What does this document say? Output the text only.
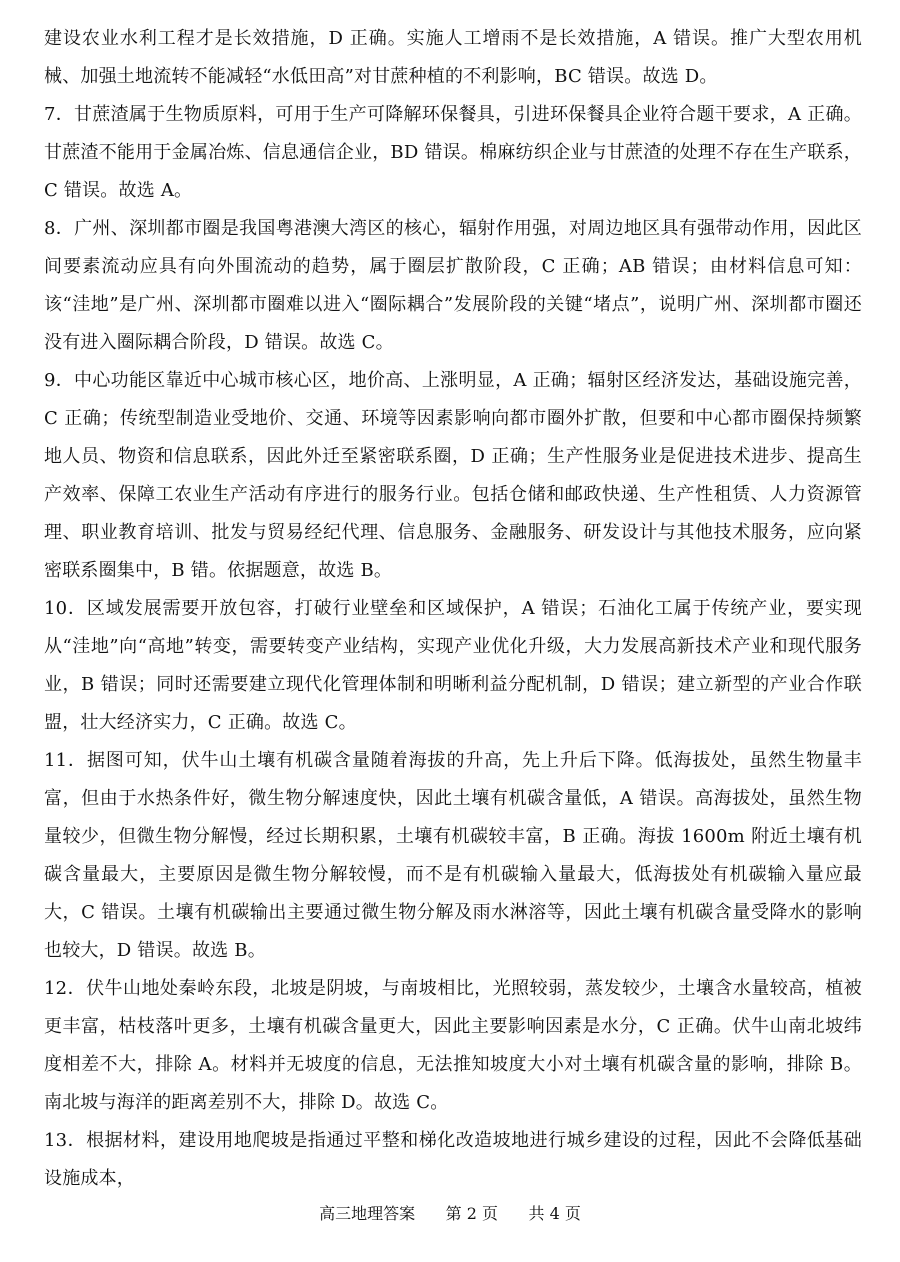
建设农业水利工程才是长效措施，D 正确。实施人工增雨不是长效措施，A 错误。推广大型农用机械、加强土地流转不能减轻“水低田高”对甘蔗种植的不利影响，BC 错误。故选 D。

7．甘蔗渣属于生物质原料，可用于生产可降解环保餐具，引进环保餐具企业符合题干要求，A 正确。甘蔗渣不能用于金属冶炼、信息通信企业，BD 错误。棉麻纺织企业与甘蔗渣的处理不存在生产联系，C 错误。故选 A。

8．广州、深圳都市圈是我国粤港澳大湾区的核心，辐射作用强，对周边地区具有强带动作用，因此区间要素流动应具有向外围流动的趋势，属于圈层扩散阶段，C 正确；AB 错误；由材料信息可知：该“洼地”是广州、深圳都市圈难以进入“圈际耦合”发展阶段的关键“堵点”，说明广州、深圳都市圈还没有进入圈际耦合阶段，D 错误。故选 C。

9．中心功能区靠近中心城市核心区，地价高、上涨明显，A 正确；辐射区经济发达，基础设施完善，C 正确；传统型制造业受地价、交通、环境等因素影响向都市圈外扩散，但要和中心都市圈保持频繁地人员、物资和信息联系，因此外迁至紧密联系圈，D 正确；生产性服务业是促进技术进步、提高生产效率、保障工农业生产活动有序进行的服务行业。包括仓储和邮政快递、生产性租赁、人力资源管理、职业教育培训、批发与贸易经纪代理、信息服务、金融服务、研发设计与其他技术服务，应向紧密联系圈集中，B 错。依据题意，故选 B。

10．区域发展需要开放包容，打破行业壁垒和区域保护，A 错误；石油化工属于传统产业，要实现从“洼地”向“高地”转变，需要转变产业结构，实现产业优化升级，大力发展高新技术产业和现代服务业，B 错误；同时还需要建立现代化管理体制和明晰利益分配机制，D 错误；建立新型的产业合作联盟，壮大经济实力，C 正确。故选 C。

11．据图可知，伏牛山土壤有机碳含量随着海拔的升高，先上升后下降。低海拔处，虽然生物量丰富，但由于水热条件好，微生物分解速度快，因此土壤有机碳含量低，A 错误。高海拔处，虽然生物量较少，但微生物分解慢，经过长期积累，土壤有机碳较丰富，B 正确。海拔 1600m 附近土壤有机碳含量最大，主要原因是微生物分解较慢，而不是有机碳输入量最大，低海拔处有机碳输入量应最大，C 错误。土壤有机碳输出主要通过微生物分解及雨水淋溶等，因此土壤有机碳含量受降水的影响也较大，D 错误。故选 B。

12．伏牛山地处秦岭东段，北坡是阴坡，与南坡相比，光照较弱，蒸发较少，土壤含水量较高，植被更丰富，枯枝落叶更多，土壤有机碳含量更大，因此主要影响因素是水分，C 正确。伏牛山南北坡纬度相差不大，排除 A。材料并无坡度的信息，无法推知坡度大小对土壤有机碳含量的影响，排除 B。南北坡与海洋的距离差别不大，排除 D。故选 C。

13．根据材料，建设用地爬坡是指通过平整和梯化改造坡地进行城乡建设的过程，因此不会降低基础设施成本，

高三地理答案 第 2 页 共 4 页
